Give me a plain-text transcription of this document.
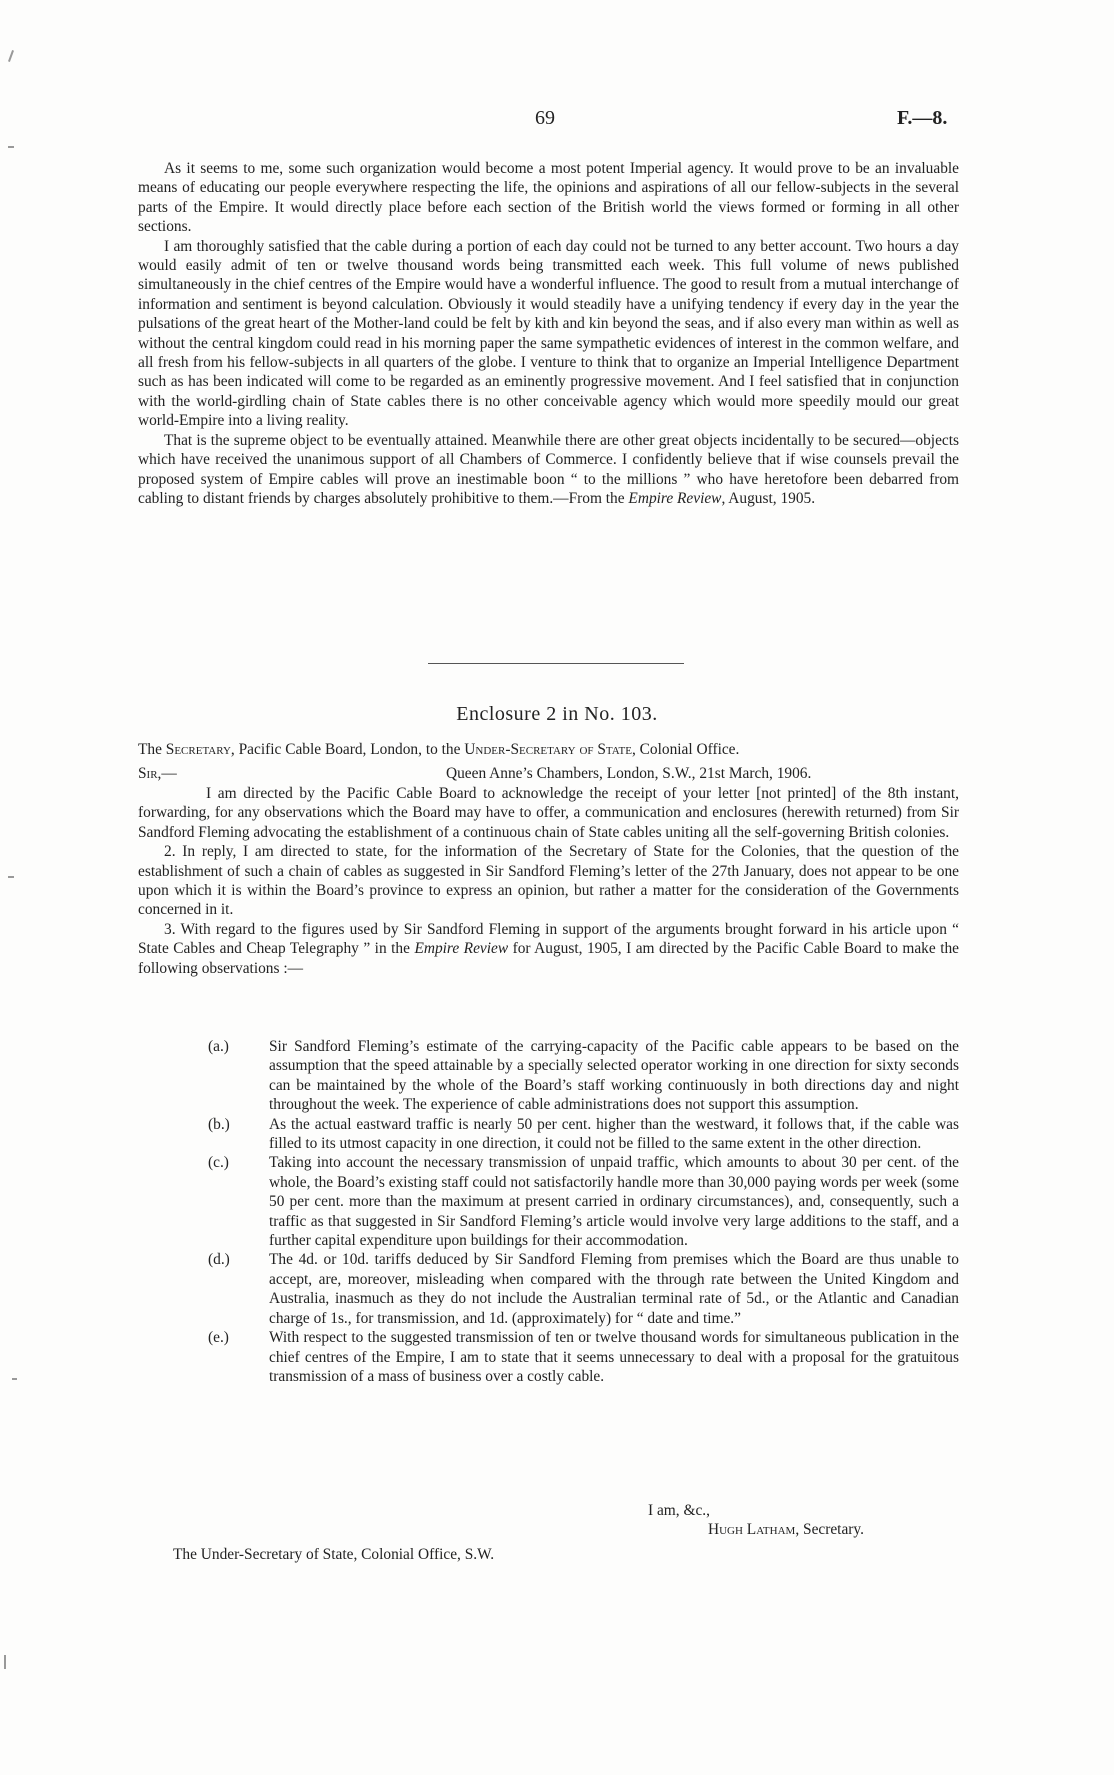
69	F.—8.

As it seems to me, some such organization would become a most potent Imperial agency. It would prove to be an invaluable means of educating our people everywhere respecting the life, the opinions and aspirations of all our fellow-subjects in the several parts of the Empire. It would directly place before each section of the British world the views formed or forming in all other sections.

I am thoroughly satisfied that the cable during a portion of each day could not be turned to any better account. Two hours a day would easily admit of ten or twelve thousand words being transmitted each week. This full volume of news published simultaneously in the chief centres of the Empire would have a wonderful influence. The good to result from a mutual interchange of information and sentiment is beyond calculation. Obviously it would steadily have a unifying tendency if every day in the year the pulsations of the great heart of the Mother-land could be felt by kith and kin beyond the seas, and if also every man within as well as without the central kingdom could read in his morning paper the same sympathetic evidences of interest in the common welfare, and all fresh from his fellow-subjects in all quarters of the globe. I venture to think that to organize an Imperial Intelligence Department such as has been indicated will come to be regarded as an eminently progressive movement. And I feel satisfied that in conjunction with the world-girdling chain of State cables there is no other conceivable agency which would more speedily mould our great world-Empire into a living reality.

That is the supreme object to be eventually attained. Meanwhile there are other great objects incidentally to be secured—objects which have received the unanimous support of all Chambers of Commerce. I confidently believe that if wise counsels prevail the proposed system of Empire cables will prove an inestimable boon “ to the millions ” who have heretofore been debarred from cabling to distant friends by charges absolutely prohibitive to them.—From the Empire Review, August, 1905.

Enclosure 2 in No. 103.
The Secretary, Pacific Cable Board, London, to the Under-Secretary of State, Colonial Office.
Sir,—	Queen Anne’s Chambers, London, S.W., 21st March, 1906.

I am directed by the Pacific Cable Board to acknowledge the receipt of your letter [not printed] of the 8th instant, forwarding, for any observations which the Board may have to offer, a communication and enclosures (herewith returned) from Sir Sandford Fleming advocating the establishment of a continuous chain of State cables uniting all the self-governing British colonies.

2. In reply, I am directed to state, for the information of the Secretary of State for the Colonies, that the question of the establishment of such a chain of cables as suggested in Sir Sandford Fleming’s letter of the 27th January, does not appear to be one upon which it is within the Board’s province to express an opinion, but rather a matter for the consideration of the Governments concerned in it.

3. With regard to the figures used by Sir Sandford Fleming in support of the arguments brought forward in his article upon “ State Cables and Cheap Telegraphy ” in the Empire Review for August, 1905, I am directed by the Pacific Cable Board to make the following observations :—

(a.)	Sir Sandford Fleming’s estimate of the carrying-capacity of the Pacific cable appears to be based on the assumption that the speed attainable by a specially selected operator working in one direction for sixty seconds can be maintained by the whole of the Board’s staff working continuously in both directions day and night throughout the week. The experience of cable administrations does not support this assumption.

(b.)	As the actual eastward traffic is nearly 50 per cent. higher than the westward, it follows that, if the cable was filled to its utmost capacity in one direction, it could not be filled to the same extent in the other direction.

(c.)	Taking into account the necessary transmission of unpaid traffic, which amounts to about 30 per cent. of the whole, the Board’s existing staff could not satisfactorily handle more than 30,000 paying words per week (some 50 per cent. more than the maximum at present carried in ordinary circumstances), and, consequently, such a traffic as that suggested in Sir Sandford Fleming’s article would involve very large additions to the staff, and a further capital expenditure upon buildings for their accommodation.

(d.)	The 4d. or 10d. tariffs deduced by Sir Sandford Fleming from premises which the Board are thus unable to accept, are, moreover, misleading when compared with the through rate between the United Kingdom and Australia, inasmuch as they do not include the Australian terminal rate of 5d., or the Atlantic and Canadian charge of 1s., for transmission, and 1d. (approximately) for “ date and time.”

(e.)	With respect to the suggested transmission of ten or twelve thousand words for simultaneous publication in the chief centres of the Empire, I am to state that it seems unnecessary to deal with a proposal for the gratuitous transmission of a mass of business over a costly cable.

I am, &c.,
Hugh Latham, Secretary.
The Under-Secretary of State, Colonial Office, S.W.
